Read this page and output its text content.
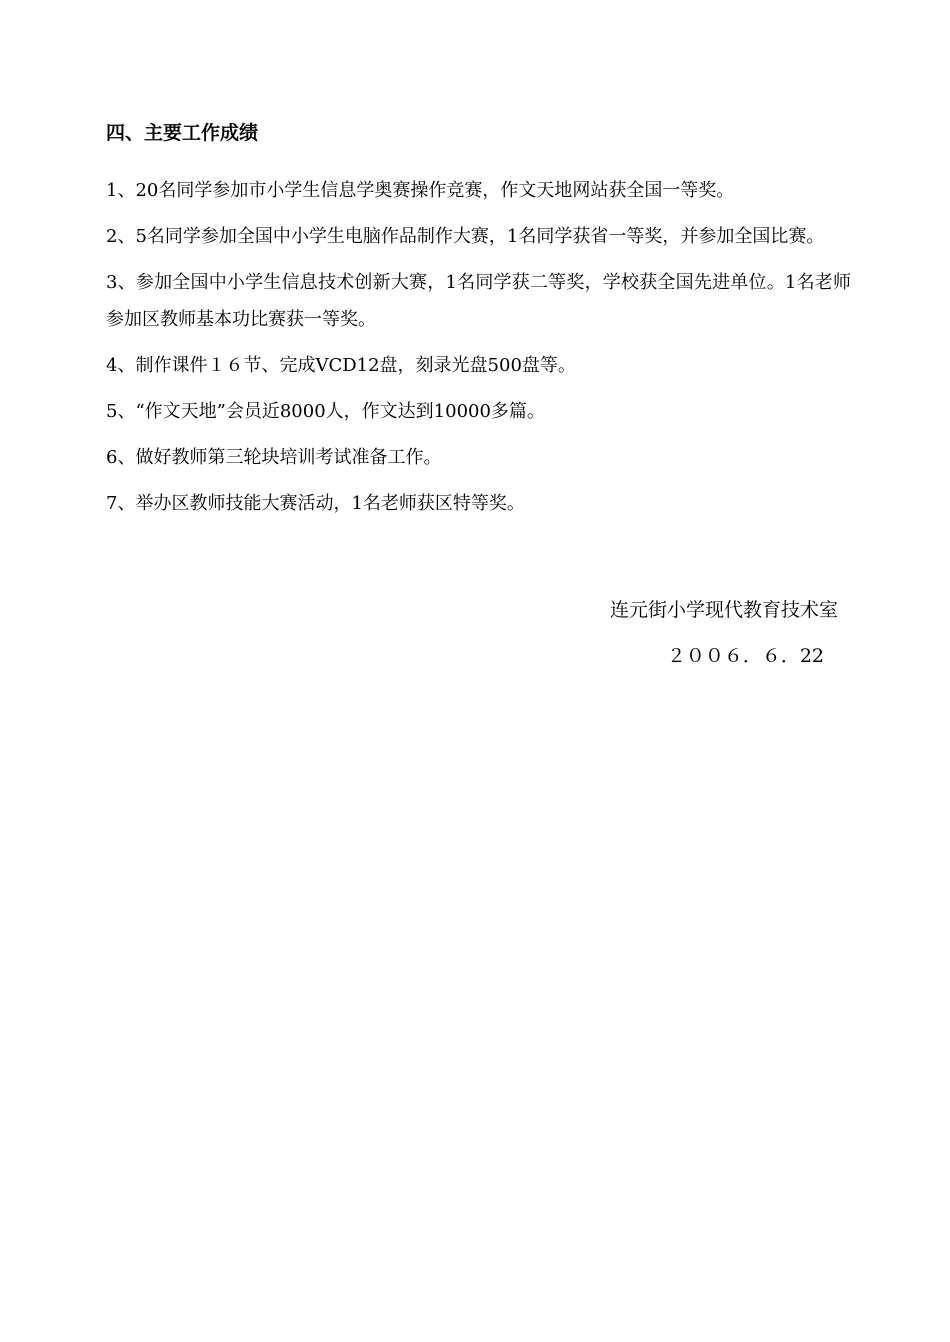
四、主要工作成绩
1、20名同学参加市小学生信息学奥赛操作竞赛，作文天地网站获全国一等奖。
2、5名同学参加全国中小学生电脑作品制作大赛，1名同学获省一等奖，并参加全国比赛。
3、参加全国中小学生信息技术创新大赛，1名同学获二等奖，学校获全国先进单位。1名老师参加区教师基本功比赛获一等奖。
4、制作课件１６节、完成VCD12盘，刻录光盘500盘等。
5、“作文天地”会员近8000人，作文达到10000多篇。
6、做好教师第三轮块培训考试准备工作。
7、举办区教师技能大赛活动，1名老师获区特等奖。
连元街小学现代教育技术室
２００６．６．22
